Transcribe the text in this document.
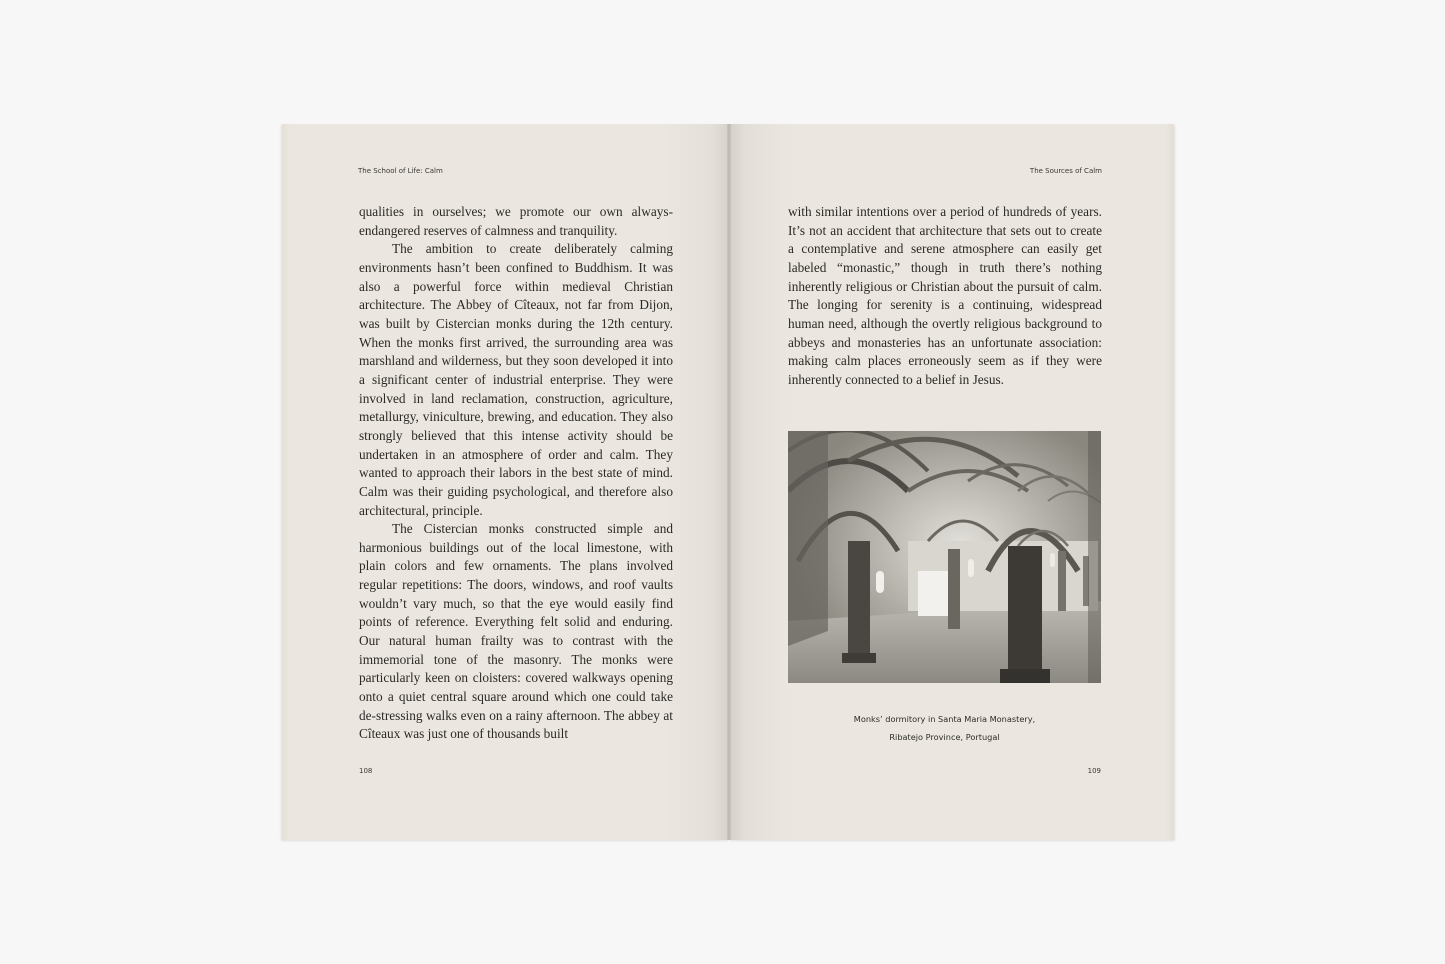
The School of Life: Calm

qualities in ourselves; we promote our own always-endangered reserves of calmness and tranquility.

The ambition to create deliberately calming environments hasn’t been confined to Buddhism. It was also a powerful force within medieval Christian architecture. The Abbey of Cîteaux, not far from Dijon, was built by Cistercian monks during the 12th century. When the monks first arrived, the surrounding area was marshland and wilderness, but they soon developed it into a significant center of industrial enterprise. They were involved in land reclamation, construction, agriculture, metallurgy, viniculture, brewing, and education. They also strongly believed that this intense activity should be undertaken in an atmosphere of order and calm. They wanted to approach their labors in the best state of mind. Calm was their guiding psychological, and therefore also architectural, principle.

The Cistercian monks constructed simple and harmonious buildings out of the local limestone, with plain colors and few ornaments. The plans involved regular repetitions: The doors, windows, and roof vaults wouldn’t vary much, so that the eye would easily find points of reference. Everything felt solid and enduring. Our natural human frailty was to contrast with the immemorial tone of the masonry. The monks were particularly keen on cloisters: covered walkways opening onto a quiet central square around which one could take de-stressing walks even on a rainy afternoon. The abbey at Cîteaux was just one of thousands built

108
The Sources of Calm

with similar intentions over a period of hundreds of years. It’s not an accident that architecture that sets out to create a contemplative and serene atmosphere can easily get labeled “monastic,” though in truth there’s nothing inherently religious or Christian about the pursuit of calm. The longing for serenity is a continuing, widespread human need, although the overtly religious background to abbeys and monasteries has an unfortunate association: making calm places erroneously seem as if they were inherently connected to a belief in Jesus.

Monks’ dormitory in Santa Maria Monastery,
Ribatejo Province, Portugal
109
